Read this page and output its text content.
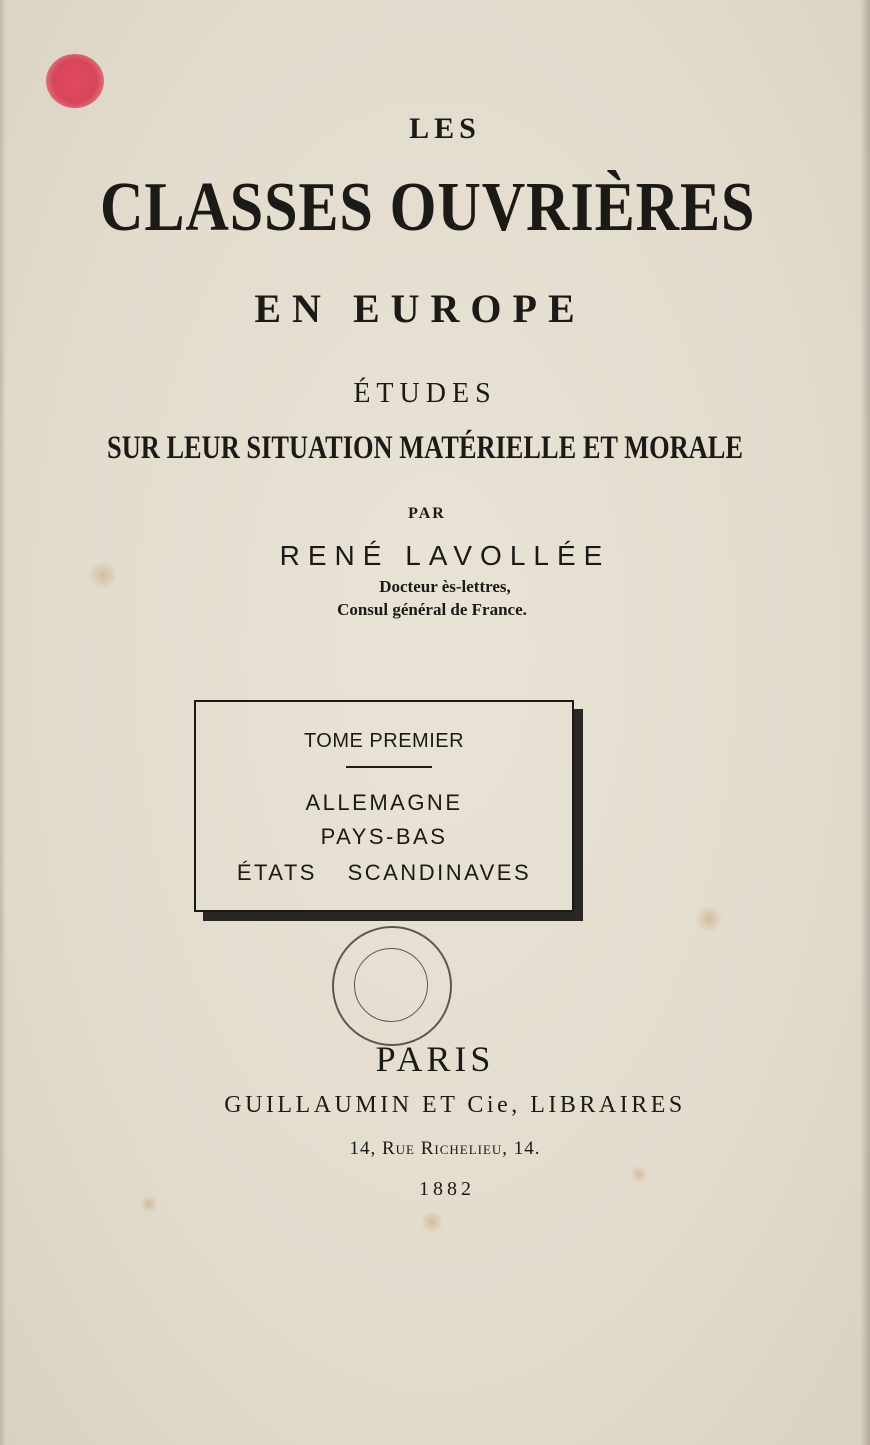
LES
CLASSES OUVRIÈRES
EN EUROPE
ÉTUDES
SUR LEUR SITUATION MATÉRIELLE ET MORALE
PAR
RENÉ LAVOLLÉE
Docteur ès-lettres,
Consul général de France.
TOME PREMIER
ALLEMAGNE
PAYS-BAS
ÉTATS SCANDINAVES
PARIS
GUILLAUMIN ET Cie, LIBRAIRES
14, Rue Richelieu, 14.
1882
